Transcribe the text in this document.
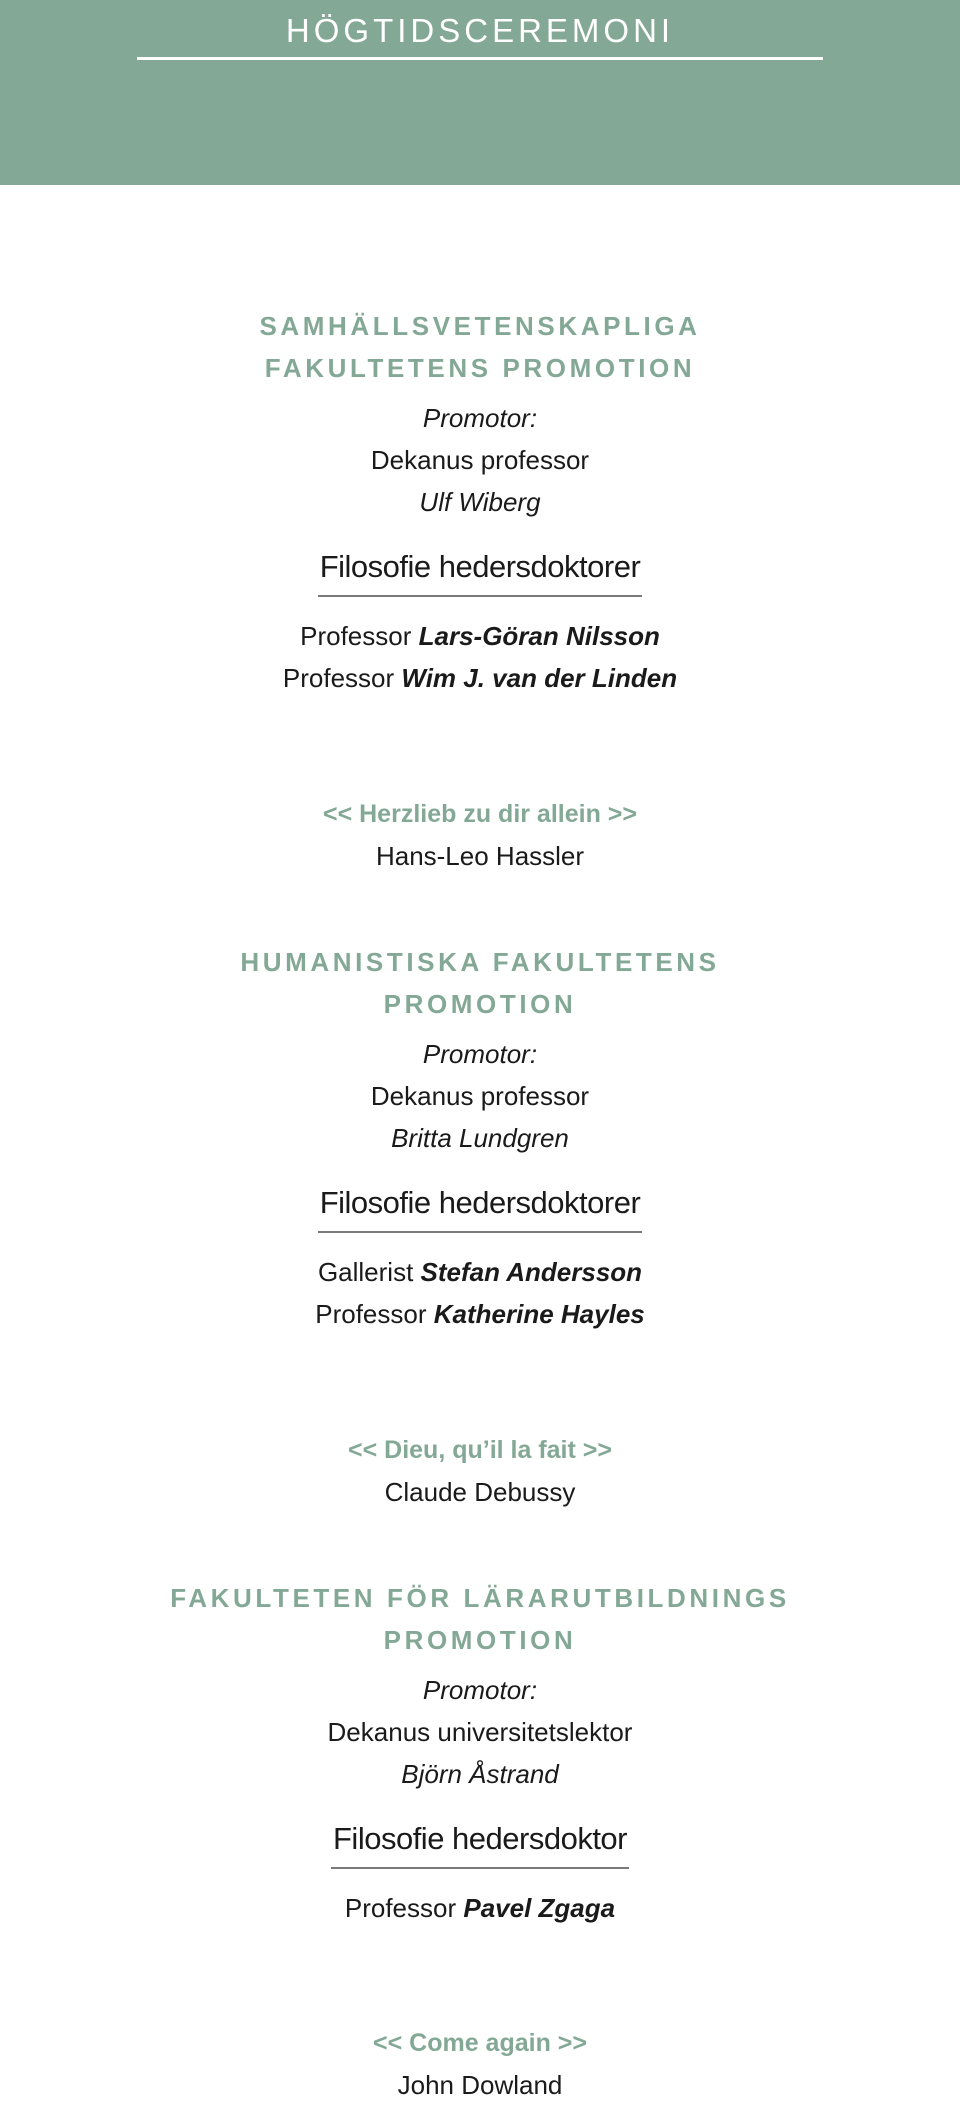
HÖGTIDSCEREMONI
SAMHÄLLSVETENSKAPLIGA
FAKULTETENS PROMOTION
Promotor:
Dekanus professor
Ulf Wiberg
Filosofie hedersdoktorer
Professor Lars-Göran Nilsson
Professor Wim J. van der Linden
<< Herzlieb zu dir allein >>
Hans-Leo Hassler
HUMANISTISKA FAKULTETENS
PROMOTION
Promotor:
Dekanus professor
Britta Lundgren
Filosofie hedersdoktorer
Gallerist Stefan Andersson
Professor Katherine Hayles
<< Dieu, qu’il la fait >>
Claude Debussy
FAKULTETEN FÖR LÄRARUTBILDNINGS
PROMOTION
Promotor:
Dekanus universitetslektor
Björn Åstrand
Filosofie hedersdoktor
Professor Pavel Zgaga
<< Come again >>
John Dowland
